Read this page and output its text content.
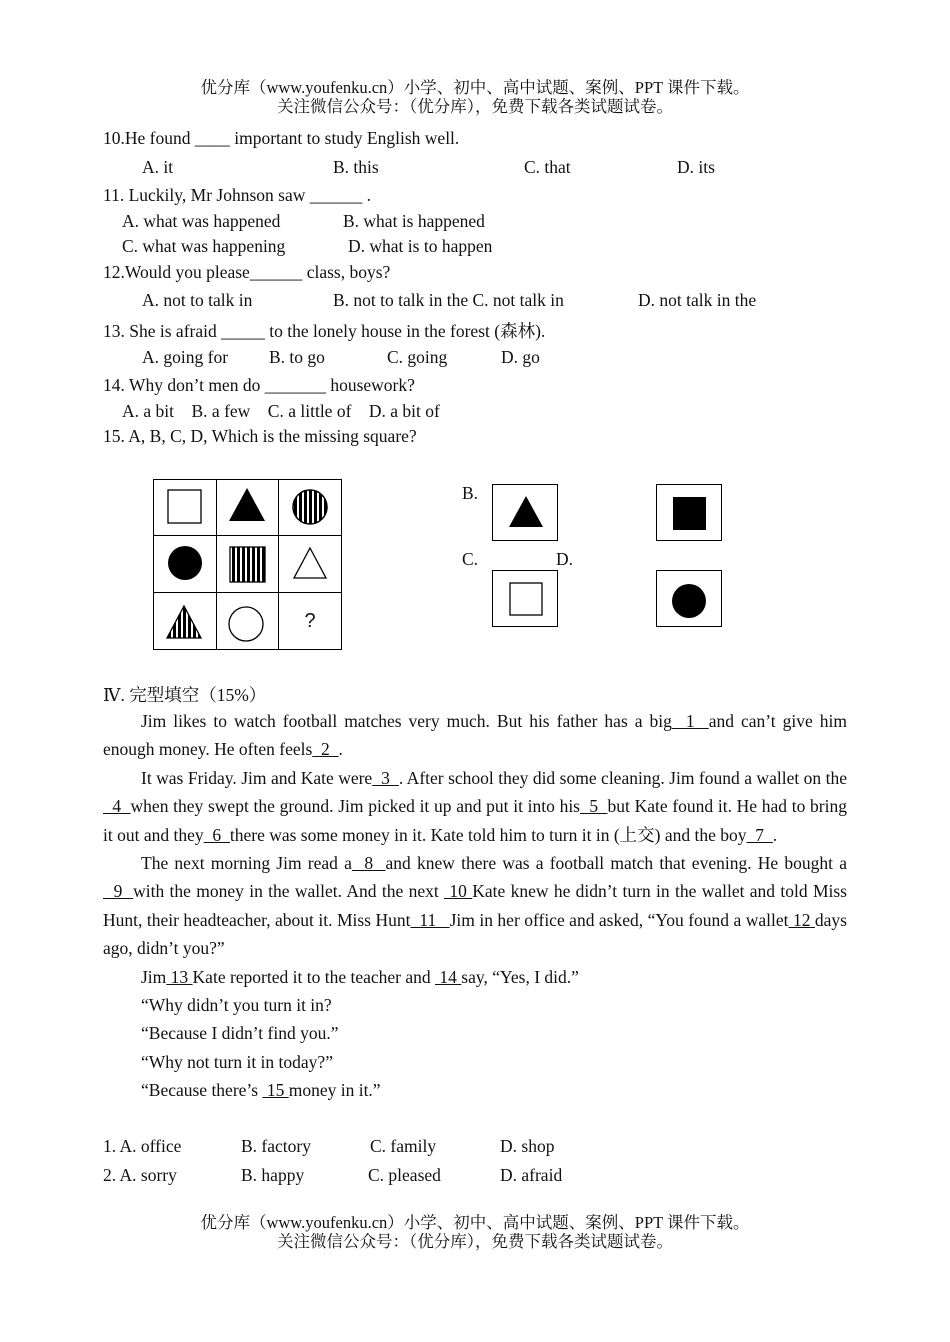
优分库（www.youfenku.cn）小学、初中、高中试题、案例、PPT 课件下载。
关注微信公众号：（优分库），免费下载各类试题试卷。
10.He found ____ important to study English well.
A. it	B. this	C. that	D. its
11. Luckily, Mr Johnson saw ______ .
A. what was happened	B. what is happened
C. what was happening	D. what is to happen
12.Would you please______ class, boys?
A. not to talk in	B. not to talk in the C. not talk in	D. not talk in the
13. She is afraid _____ to the lonely house in the forest (森林).
A. going for B. to go	C. going	D. go
14. Why don’t men do _______ housework?
A. a bit    B. a few    C. a little of    D. a bit of
15. A, B, C, D, Which is the missing square?
?
B.
C.	D.
Ⅳ. 完型填空（15%）

Jim likes to watch football matches very much. But his father has a big  1  and can’t give him enough money. He often feels  2  .

It was Friday. Jim and Kate were  3  . After school they did some cleaning. Jim found a wallet on the  4  when they swept the ground. Jim picked it up and put it into his  5  but Kate found it. He had to bring it out and they  6  there was some money in it. Kate told him to turn it in (上交) and the boy  7  .

The next morning Jim read a  8  and knew there was a football match that evening. He bought a  9  with the money in the wallet. And the next  10 Kate knew he didn’t turn in the wallet and told Miss Hunt, their headteacher, about it. Miss Hunt  11   Jim in her office and asked, “You found a wallet 12 days ago, didn’t you?”

Jim 13 Kate reported it to the teacher and  14 say, “Yes, I did.”

“Why didn’t you turn it in?

“Because I didn’t find you.”

“Why not turn it in today?”

“Because there’s  15 money in it.”

1. A. office	B. factory	C. family	D. shop
2. A. sorry	B. happy	C. pleased	D. afraid
优分库（www.youfenku.cn）小学、初中、高中试题、案例、PPT 课件下载。
关注微信公众号：（优分库），免费下载各类试题试卷。
